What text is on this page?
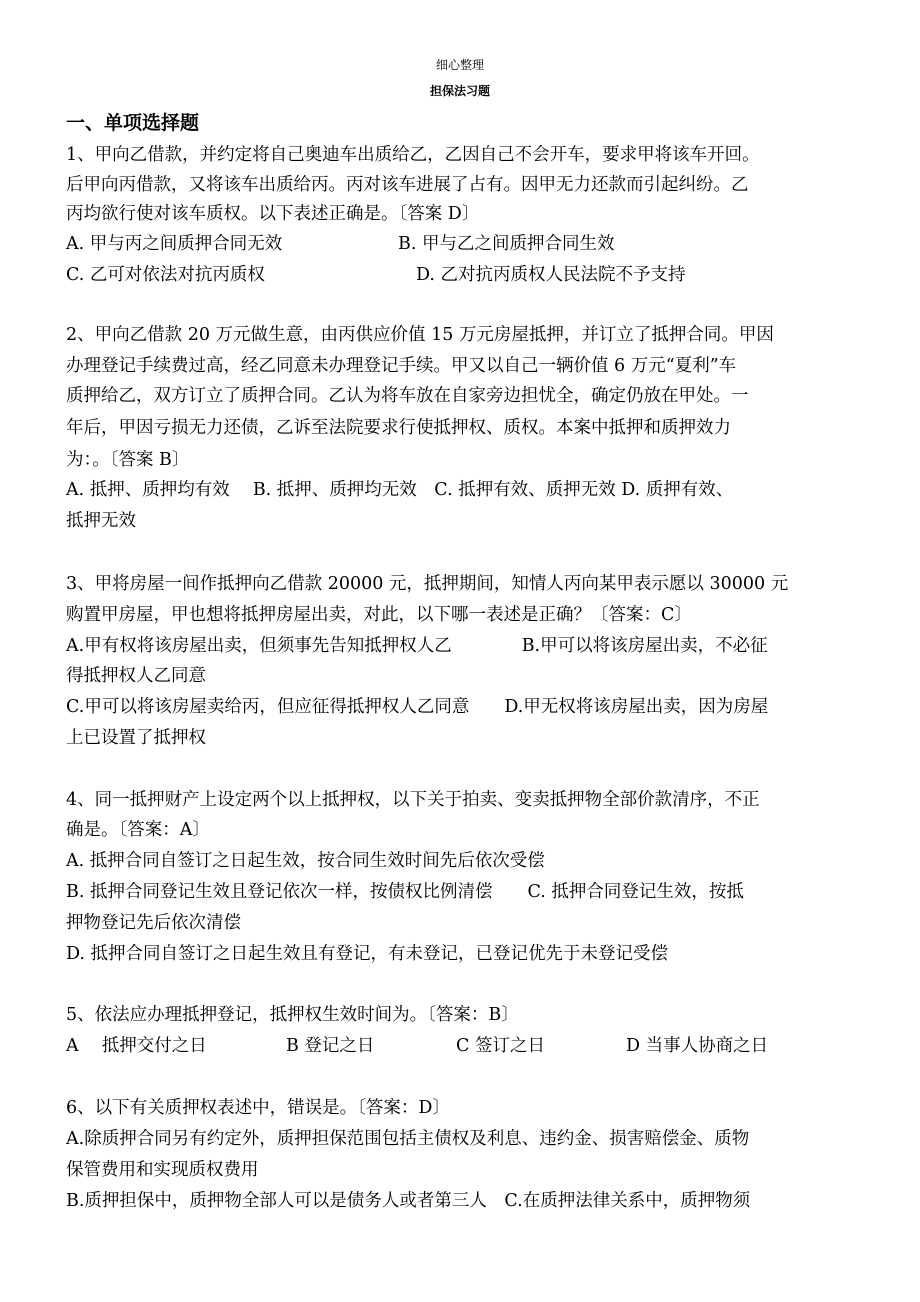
细心整理
担保法习题
一、单项选择题
1、甲向乙借款，并约定将自己奥迪车出质给乙，乙因自己不会开车，要求甲将该车开回。
后甲向丙借款，又将该车出质给丙。丙对该车进展了占有。因甲无力还款而引起纠纷。乙
丙均欲行使对该车质权。以下表述正确是。〔答案 D〕
A. 甲与丙之间质押合同无效	B. 甲与乙之间质押合同生效
C. 乙可对依法对抗丙质权	D. 乙对抗丙质权人民法院不予支持
2、甲向乙借款 20 万元做生意，由丙供应价值 15 万元房屋抵押，并订立了抵押合同。甲因
办理登记手续费过高，经乙同意未办理登记手续。甲又以自己一辆价值 6 万元“夏利”车
质押给乙，双方订立了质押合同。乙认为将车放在自家旁边担忧全，确定仍放在甲处。一
年后，甲因亏损无力还债，乙诉至法院要求行使抵押权、质权。本案中抵押和质押效力
为：。〔答案 B〕
A. 抵押、质押均有效　 B. 抵押、质押均无效　C. 抵押有效、质押无效 D. 质押有效、
抵押无效
3、甲将房屋一间作抵押向乙借款 20000 元，抵押期间，知情人丙向某甲表示愿以 30000 元
购置甲房屋，甲也想将抵押房屋出卖，对此，以下哪一表述是正确？〔答案：C〕
A.甲有权将该房屋出卖，但须事先告知抵押权人乙　　　　B.甲可以将该房屋出卖，不必征
得抵押权人乙同意
C.甲可以将该房屋卖给丙，但应征得抵押权人乙同意　　D.甲无权将该房屋出卖，因为房屋
上已设置了抵押权
4、同一抵押财产上设定两个以上抵押权，以下关于拍卖、变卖抵押物全部价款清序，不正
确是。〔答案：A〕
A. 抵押合同自签订之日起生效，按合同生效时间先后依次受偿
B. 抵押合同登记生效且登记依次一样，按债权比例清偿　　C. 抵押合同登记生效，按抵
押物登记先后依次清偿
D. 抵押合同自签订之日起生效且有登记，有未登记，已登记优先于未登记受偿
5、依法应办理抵押登记，抵押权生效时间为。〔答案：B〕
A　 抵押交付之日	B 登记之日	C 签订之日	D 当事人协商之日
6、以下有关质押权表述中，错误是。〔答案：D〕
A.除质押合同另有约定外，质押担保范围包括主债权及利息、违约金、损害赔偿金、质物
保管费用和实现质权费用
B.质押担保中，质押物全部人可以是债务人或者第三人　C.在质押法律关系中，质押物须
